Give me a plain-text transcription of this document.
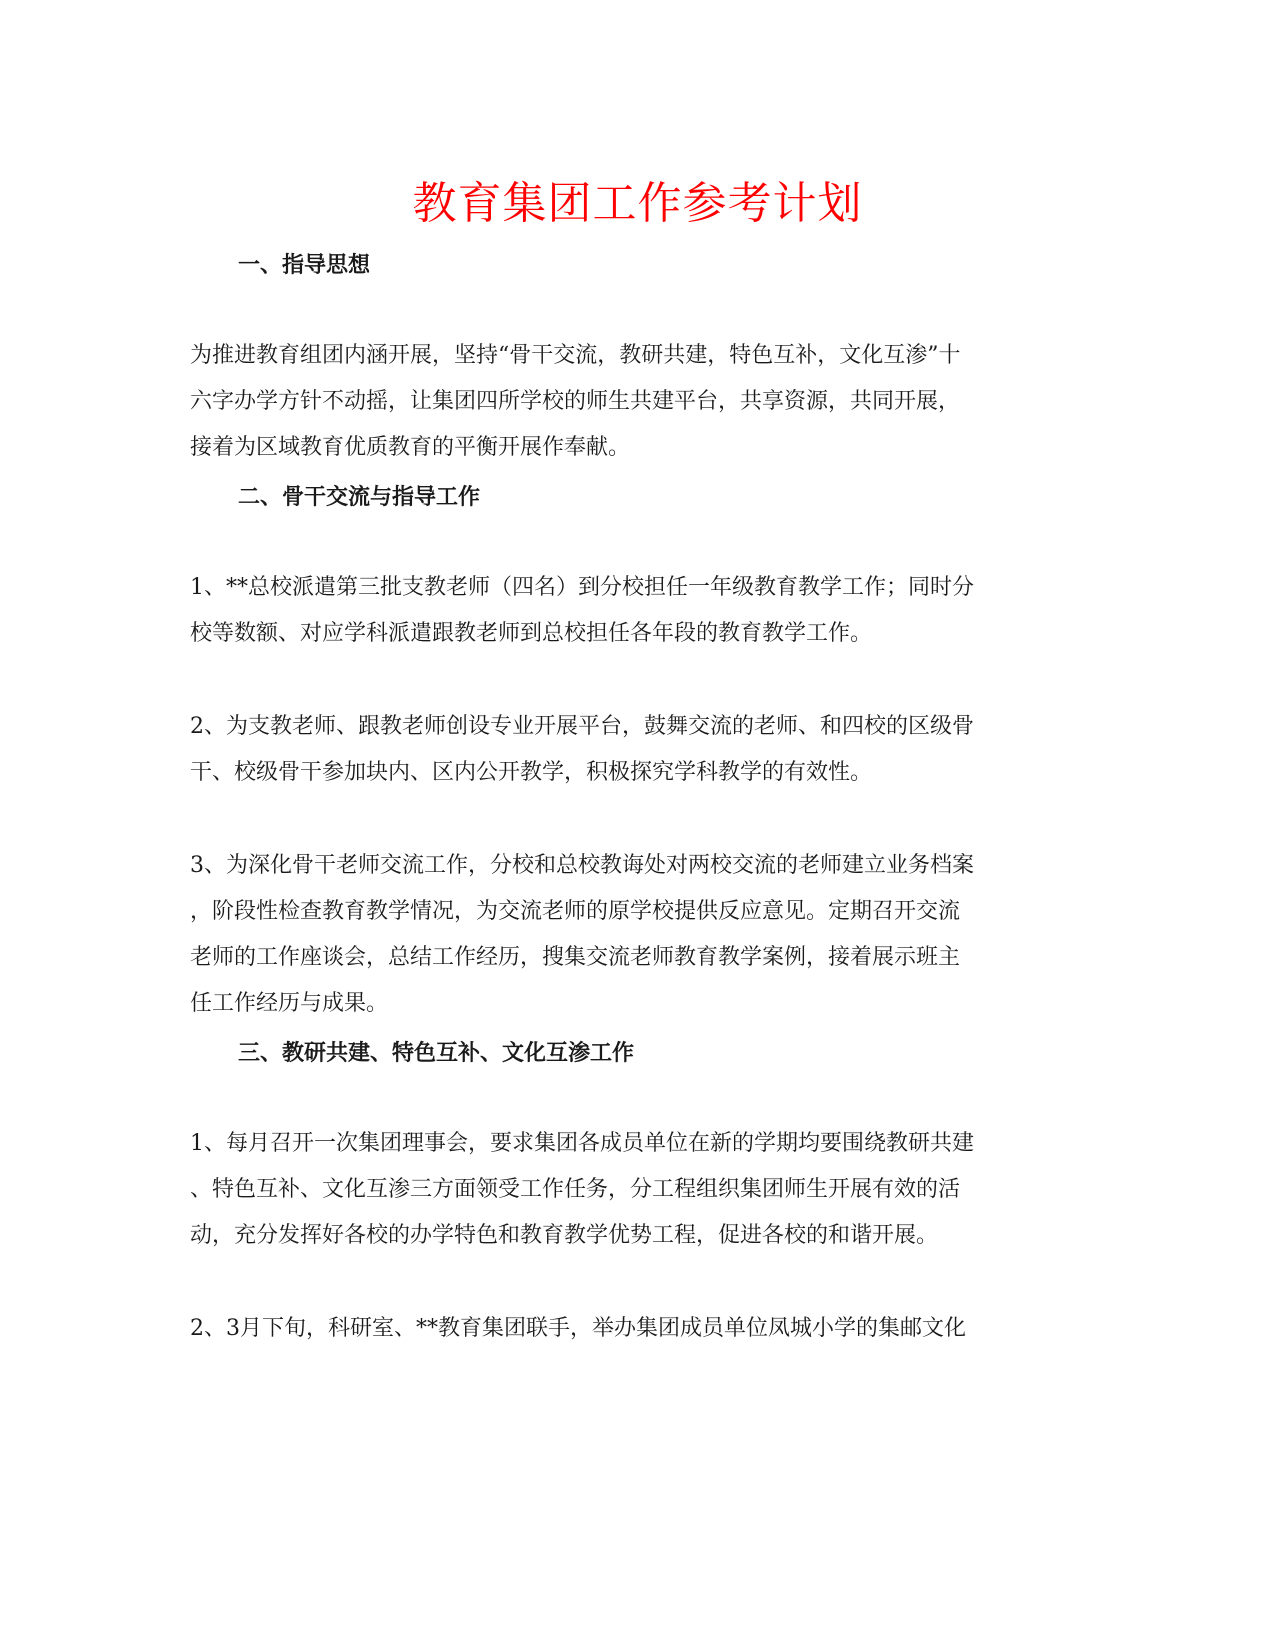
教育集团工作参考计划
一、指导思想
为推进教育组团内涵开展，坚持“骨干交流，教研共建，特色互补，文化互渗”十
六字办学方针不动摇，让集团四所学校的师生共建平台，共享资源，共同开展，
接着为区域教育优质教育的平衡开展作奉献。
二、骨干交流与指导工作
1、**总校派遣第三批支教老师（四名）到分校担任一年级教育教学工作；同时分
校等数额、对应学科派遣跟教老师到总校担任各年段的教育教学工作。
2、为支教老师、跟教老师创设专业开展平台，鼓舞交流的老师、和四校的区级骨
干、校级骨干参加块内、区内公开教学，积极探究学科教学的有效性。
3、为深化骨干老师交流工作，分校和总校教诲处对两校交流的老师建立业务档案
，阶段性检查教育教学情况，为交流老师的原学校提供反应意见。定期召开交流
老师的工作座谈会，总结工作经历，搜集交流老师教育教学案例，接着展示班主
任工作经历与成果。
三、教研共建、特色互补、文化互渗工作
1、每月召开一次集团理事会，要求集团各成员单位在新的学期均要围绕教研共建
、特色互补、文化互渗三方面领受工作任务，分工程组织集团师生开展有效的活
动，充分发挥好各校的办学特色和教育教学优势工程，促进各校的和谐开展。
2、3月下旬，科研室、**教育集团联手，举办集团成员单位凤城小学的集邮文化
